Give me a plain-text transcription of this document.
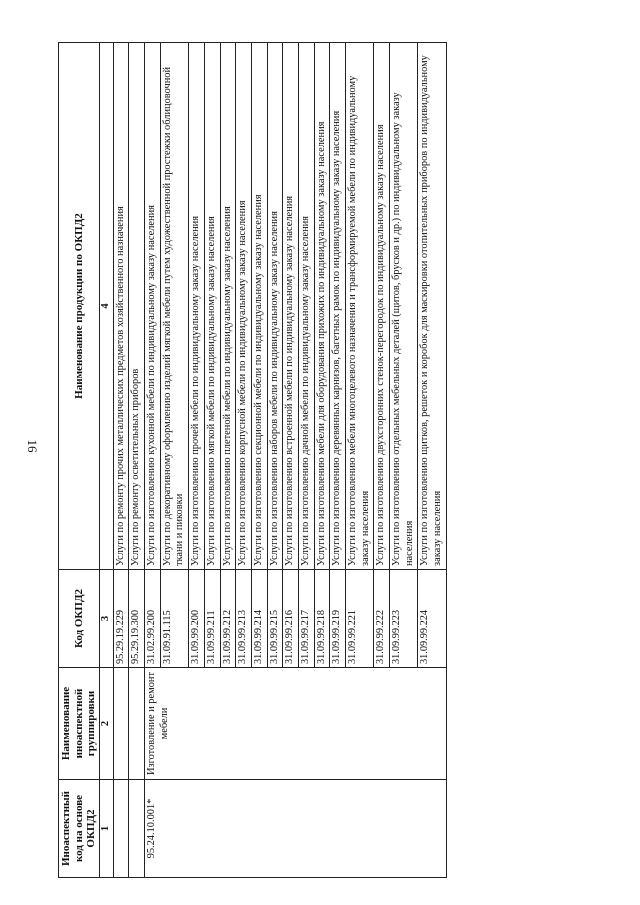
16
Иноаспектный код на основе ОКПД2	Наименование иноаспектной группировки	Код ОКПД2	Наименование продукции по ОКПД2
1	2	3	4
		95.29.19.229	Услуги по ремонту прочих металлических предметов хозяйственного назначения
		95.29.19.300	Услуги по ремонту осветительных приборов
95.24.10.001*	Изготовление и ремонт мебели	31.02.99.200	Услуги по изготовлению кухонной мебели по индивидуальному заказу населения
		31.09.91.115	Услуги по декоративному оформлению изделий мягкой мебели путем художественной простежки облицовочной ткани и пиковки
		31.09.99.200	Услуги по изготовлению прочей мебели по индивидуальному заказу населения
		31.09.99.211	Услуги по изготовлению мягкой мебели по индивидуальному заказу населения
		31.09.99.212	Услуги по изготовлению плетеной мебели по индивидуальному заказу населения
		31.09.99.213	Услуги по изготовлению корпусной мебели по индивидуальному заказу населения
		31.09.99.214	Услуги по изготовлению секционной мебели по индивидуальному заказу населения
		31.09.99.215	Услуги по изготовлению наборов мебели по индивидуальному заказу населения
		31.09.99.216	Услуги по изготовлению встроенной мебели по индивидуальному заказу населения
		31.09.99.217	Услуги по изготовлению дачной мебели по индивидуальному заказу населения
		31.09.99.218	Услуги по изготовлению мебели для оборудования прихожих по индивидуальному заказу населения
		31.09.99.219	Услуги по изготовлению деревянных карнизов, багетных рамок по индивидуальному заказу населения
		31.09.99.221	Услуги по изготовлению мебели многоцелевого назначения и трансформируемой мебели по индивидуальному заказу населения
		31.09.99.222	Услуги по изготовлению двухсторонних стенок-перегородок по индивидуальному заказу населения
		31.09.99.223	Услуги по изготовлению отдельных мебельных деталей (щитов, брусков и др.) по индивидуальному заказу населения
		31.09.99.224	Услуги по изготовлению щитков, решеток и коробок для маскировки отопительных приборов по индивидуальному заказу населения
